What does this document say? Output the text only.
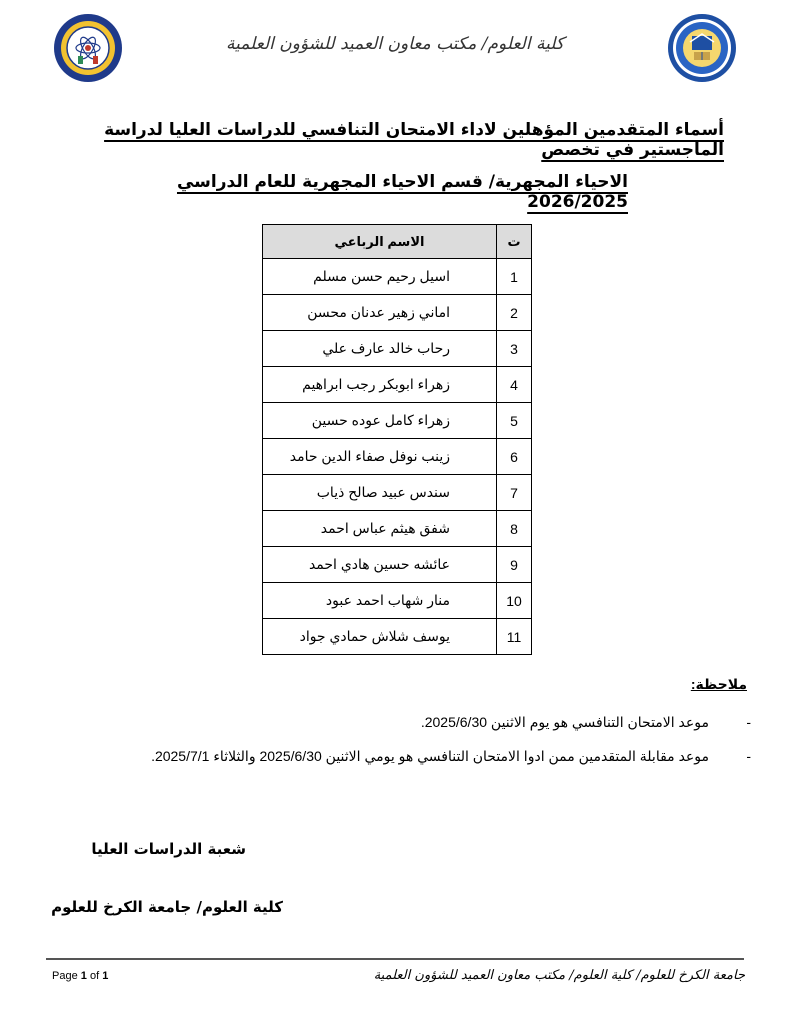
كلية العلوم/ مكتب معاون العميد للشؤون العلمية
أسماء المتقدمين المؤهلين لاداء الامتحان التنافسي للدراسات العليا لدراسة الماجستير في تخصص
الاحياء المجهرية/ قسم الاحياء المجهرية للعام الدراسي 2026/2025
ت	الاسم الرباعي
1	اسيل رحيم حسن مسلم
2	اماني زهير عدنان محسن
3	رحاب خالد عارف علي
4	زهراء ابوبكر رجب ابراهيم
5	زهراء كامل عوده حسين
6	زينب نوفل صفاء الدين حامد
7	سندس عبيد صالح ذياب
8	شفق هيثم عباس احمد
9	عائشه حسين هادي احمد
10	منار شهاب احمد عبود
11	يوسف شلاش حمادي جواد
ملاحظة:
-موعد الامتحان التنافسي هو يوم الاثنين 2025/6/30.
-موعد مقابلة المتقدمين ممن ادوا الامتحان التنافسي هو يومي الاثنين 2025/6/30 والثلاثاء 2025/7/1.
شعبة الدراسات العليا
كلية العلوم/ جامعة الكرخ للعلوم
Page 1 of 1	جامعة الكرخ للعلوم/ كلية العلوم/ مكتب معاون العميد للشؤون العلمية
